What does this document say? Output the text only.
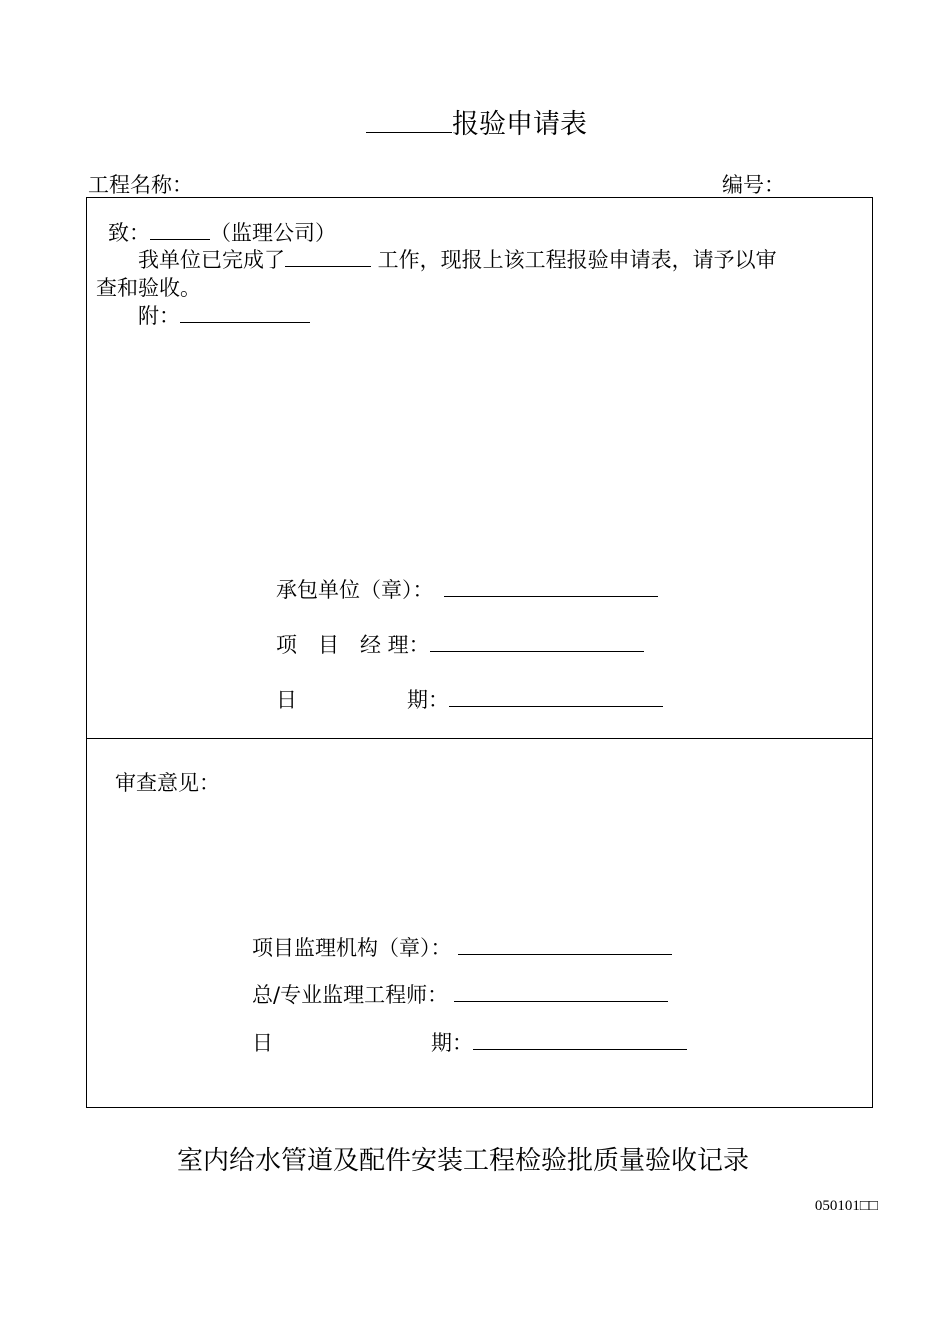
报验申请表
工程名称：	编号：
致：	（监理公司）
我单位已完成了	工作，现报上该工程报验申请表，请予以审
查和验收。
附：
承包单位（章）：
项　目　经 理：
日	期：
审查意见：
项目监理机构（章）：
总/专业监理工程师：
日	期：
室内给水管道及配件安装工程检验批质量验收记录
050101□□
